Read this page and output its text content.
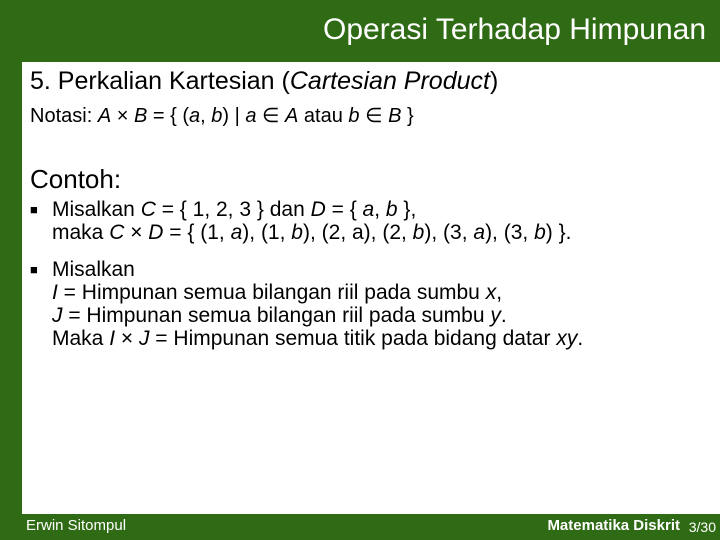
Operasi Terhadap Himpunan
5. Perkalian Kartesian (Cartesian Product)
Notasi: A × B = { (a, b) | a ∈ A atau b ∈ B }
Contoh:
■ Misalkan C = { 1, 2, 3 } dan D = { a, b },
maka C × D = { (1, a), (1, b), (2, a), (2, b), (3, a), (3, b) }.
■ Misalkan
I = Himpunan semua bilangan riil pada sumbu x,
J = Himpunan semua bilangan riil pada sumbu y.
Maka I × J = Himpunan semua titik pada bidang datar xy.
Erwin Sitompul	Matematika Diskrit 3/30
